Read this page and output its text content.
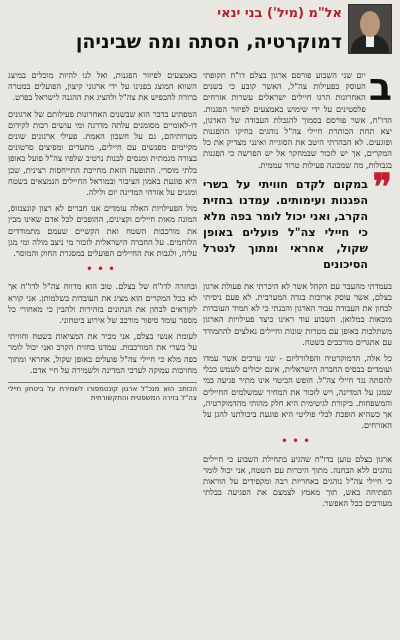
אל"מ (מיל') בני ינאי
דמוקרטיה, הסתה ומה שביניהן

ב
יום שני השבוע פורסם ארגון בצלם דו"ח תקופתי העוסק בפעילות צה"ל, האשר קובע כי בשנים האחרונות הרגו חיילים ישראלים עשרות אזרחים פלסטינים על ידי שימוש באמצעים לפיזור הפגנות. הדו"ח, אשר פורסם בסמוך להגבלת העבודה של הארגון, יצא תחת הכותרת חיילי צה"ל נוהגים בחיקו ההפגנות ופוגעים. לא הבהרתי היטב את הסוגייה ואינני מצדיק את כל המקרים, אך יש לזכור שבמחקר אל יש הפרשה כי הפגנות בגבולות, מה שמכונה פעילות טרור עממית.

❞
במקום לקדם חוויתי על בשרי הפגנות ועימותים. עמדנו בחזית הקרב, ואני יכול לומר בפה מלא כי חיילי צה"ל פועלים באופן שקול, אחראי ומתוך לנטרל הסיכונים

בעמדתי מהעבר עם הקהל אשר לא היכרתי את פעולת ארגון בצלם, אשר עוסק ארוכות בגדה המערבית. לא פעם ניסיתי לבחון את העבודה עבור הארגון והבנתי כי לא תמיד העובדות מובאות במלואן. השבוע עוד ראינו כיצד פעילויות הארגון משתלבות באופן עם מטרות שונות וחיילים נאלצים להתמודד עם אתגרים מורכבים בשטח.

כל אלה, הדמוקרטיה והפלורליזם - שני ערכים אשר עמדו ועומדים בבסיס החברה הישראלית, אינם יכולים לשמש ככלי להסתה נגד חיילי צה"ל. חופש הביטוי אינו מתיר פגיעה במי שמגן על המדינה, ויש לזכור את המחיר שמשלמים החיילים והמשפחות. ביקורת לגיטימית היא חלק מהותי מהדמוקרטיה, אך כשהיא הופכת לכלי פוליטי היא פוגעת ביכולתנו להגן על האזרחים.

•••

ארגון בצלם טוען בדו"ח שהגיע בתחילת השבוע כי חיילים נוהגים ללא הבחנה. מתוך היכרות עם השטח, אני יכול לומר כי חיילי צה"ל נוהגים באחריות רבה ומקפידים על הוראות הפתיחה באש, תוך מאמץ לצמצם את הפגיעה בבלתי מעורבים ככל האפשר.

באמצעים לפיזור הפגנות, ואל לנו להיות מוכלים במיצג השווא המוצג בפנינו על ידי ארגוני קיצון, הפועלים במטרה ברורה להכפיש את צה"ל ולהציג את ההגנה לישראל בפרט.

המפתיע בדבר הוא שבשנים האחרונות פעילותם של ארגונים דו-לאומיים מסומנים עלתה מדרגה ומי עושים רבות לקידום מטרותיהם, גם על חשבון האמת. פעילי ארגונים שונים מקיימים מפגשים עם חיילים, מתעדים ומפיצים סרטונים בצורה מגמתית ומנסים לבנות נרטיב שלפיו צה"ל פועל באופן בלתי מוסרי. התופעה הזאת מחייבת התייחסות רצינית, שכן היא פוגעת באמון הציבור ובמוראל החיילים הנמצאים בשטח ומגנים על אזרחי המדינה יום ולילה.

מול הפעילויות האלה עומדים אנו חברים לא רצון קונצנזוס, המונה מאות חיילים וקצינים, ההופכים לכל אדם שאינו מבין את מורכבות השטח ואת הקשיים שעמם מתמודדים הלוחמים. על החברה הישראלית לזכור מי ניצב מולה ומי מגן עליה, ולגבות את החיילים הפועלים במסגרת החוק והמוסר.

•••

ובחזרה לדו"ח של בצלם. טוב הוא מדווח צה"ל לדו"ח אך לא בכל המקרים הוא מציג את העובדות בשלמותן. אני קורא לקוראים לבחון את הנתונים בזהירות ולהבין כי מאחורי כל מספר עומד סיפור מורכב של אירוע ביטחוני.

לעומת אנשי בצלם, אני מכיר את המציאות בשטח וחוויתי על בשרי את המורכבות. עמדנו בחזית הקרב ואני יכול לומר בפה מלא כי חיילי צה"ל פועלים באופן שקול, אחראי ומתוך מחויבות עמוקה לערכי המדינה ולשמירה על חיי אדם.

הכותב הוא מנכ"ל ארגון קונטמפורו לשמירת על ביטחון חיילי צה"ל בזירה המשפטית והתקשורתית
